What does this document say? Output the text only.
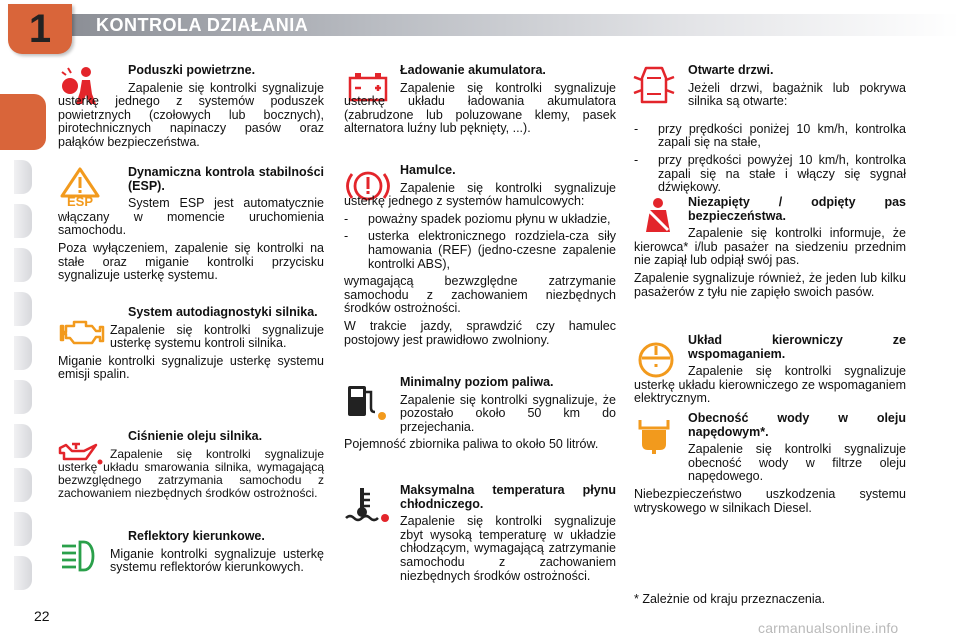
KONTROLA DZIAŁANIA
1
Poduszki powietrzne.
Zapalenie się kontrolki sygnalizuje usterkę jednego z systemów poduszek powietrznych (czołowych lub bocznych), pirotechnicznych napinaczy pasów oraz pałąków bezpieczeństwa.
ESP
Dynamiczna kontrola stabilności (ESP).
System ESP jest automatycznie włączany w momencie uruchomienia samochodu.
Poza wyłączeniem, zapalenie się kontrolki na stałe oraz miganie kontrolki przycisku sygnalizuje usterkę systemu.
System autodiagnostyki silnika.
Zapalenie się kontrolki sygnalizuje usterkę systemu kontroli silnika.
Miganie kontrolki sygnalizuje usterkę systemu emisji spalin.
Ciśnienie oleju silnika.
Zapalenie się kontrolki sygnalizuje usterkę układu smarowania silnika, wymagającą bezwzględnego zatrzymania samochodu z zachowaniem niezbędnych środków ostrożności.
Reflektory kierunkowe.
Miganie kontrolki sygnalizuje usterkę systemu reflektorów kierunkowych.
Ładowanie akumulatora.
Zapalenie się kontrolki sygnalizuje usterkę układu ładowania akumulatora (zabrudzone lub poluzowane klemy, pasek alternatora luźny lub pęknięty, ...).
Hamulce.
Zapalenie się kontrolki sygnalizuje usterkę jednego z systemów hamulcowych:
- poważny spadek poziomu płynu w układzie,
- usterka elektronicznego rozdziela-cza siły hamowania (REF) (jedno-czesne zapalenie kontrolki ABS),
wymagającą bezwzględne zatrzymanie samochodu z zachowaniem niezbędnych środków ostrożności.
W trakcie jazdy, sprawdzić czy hamulec postojowy jest prawidłowo zwolniony.
Minimalny poziom paliwa.
Zapalenie się kontrolki sygnalizuje, że pozostało około 50 km do przejechania.
Pojemność zbiornika paliwa to około 50 litrów.
Maksymalna temperatura płynu chłodniczego.
Zapalenie się kontrolki sygnalizuje zbyt wysoką temperaturę w układzie chłodzącym, wymagającą zatrzymanie samochodu z zachowaniem niezbędnych środków ostrożności.
Otwarte drzwi.
Jeżeli drzwi, bagażnik lub pokrywa silnika są otwarte:
- przy prędkości poniżej 10 km/h, kontrolka zapali się na stałe,
- przy prędkości powyżej 10 km/h, kontrolka zapali się na stałe i włączy się sygnał dźwiękowy.
Niezapięty / odpięty pas bezpieczeństwa.
Zapalenie się kontrolki informuje, że kierowca* i/lub pasażer na siedzeniu przednim nie zapiął lub odpiął swój pas.
Zapalenie sygnalizuje również, że jeden lub kilku pasażerów z tyłu nie zapięło swoich pasów.
Układ kierowniczy ze wspomaganiem.
Zapalenie się kontrolki sygnalizuje usterkę układu kierowniczego ze wspomaganiem elektrycznym.
Obecność wody w oleju napędowym*.
Zapalenie się kontrolki sygnalizuje obecność wody w filtrze oleju napędowego.
Niebezpieczeństwo uszkodzenia systemu wtryskowego w silnikach Diesel.
* Zależnie od kraju przeznaczenia.
22
carmanualsonline.info
